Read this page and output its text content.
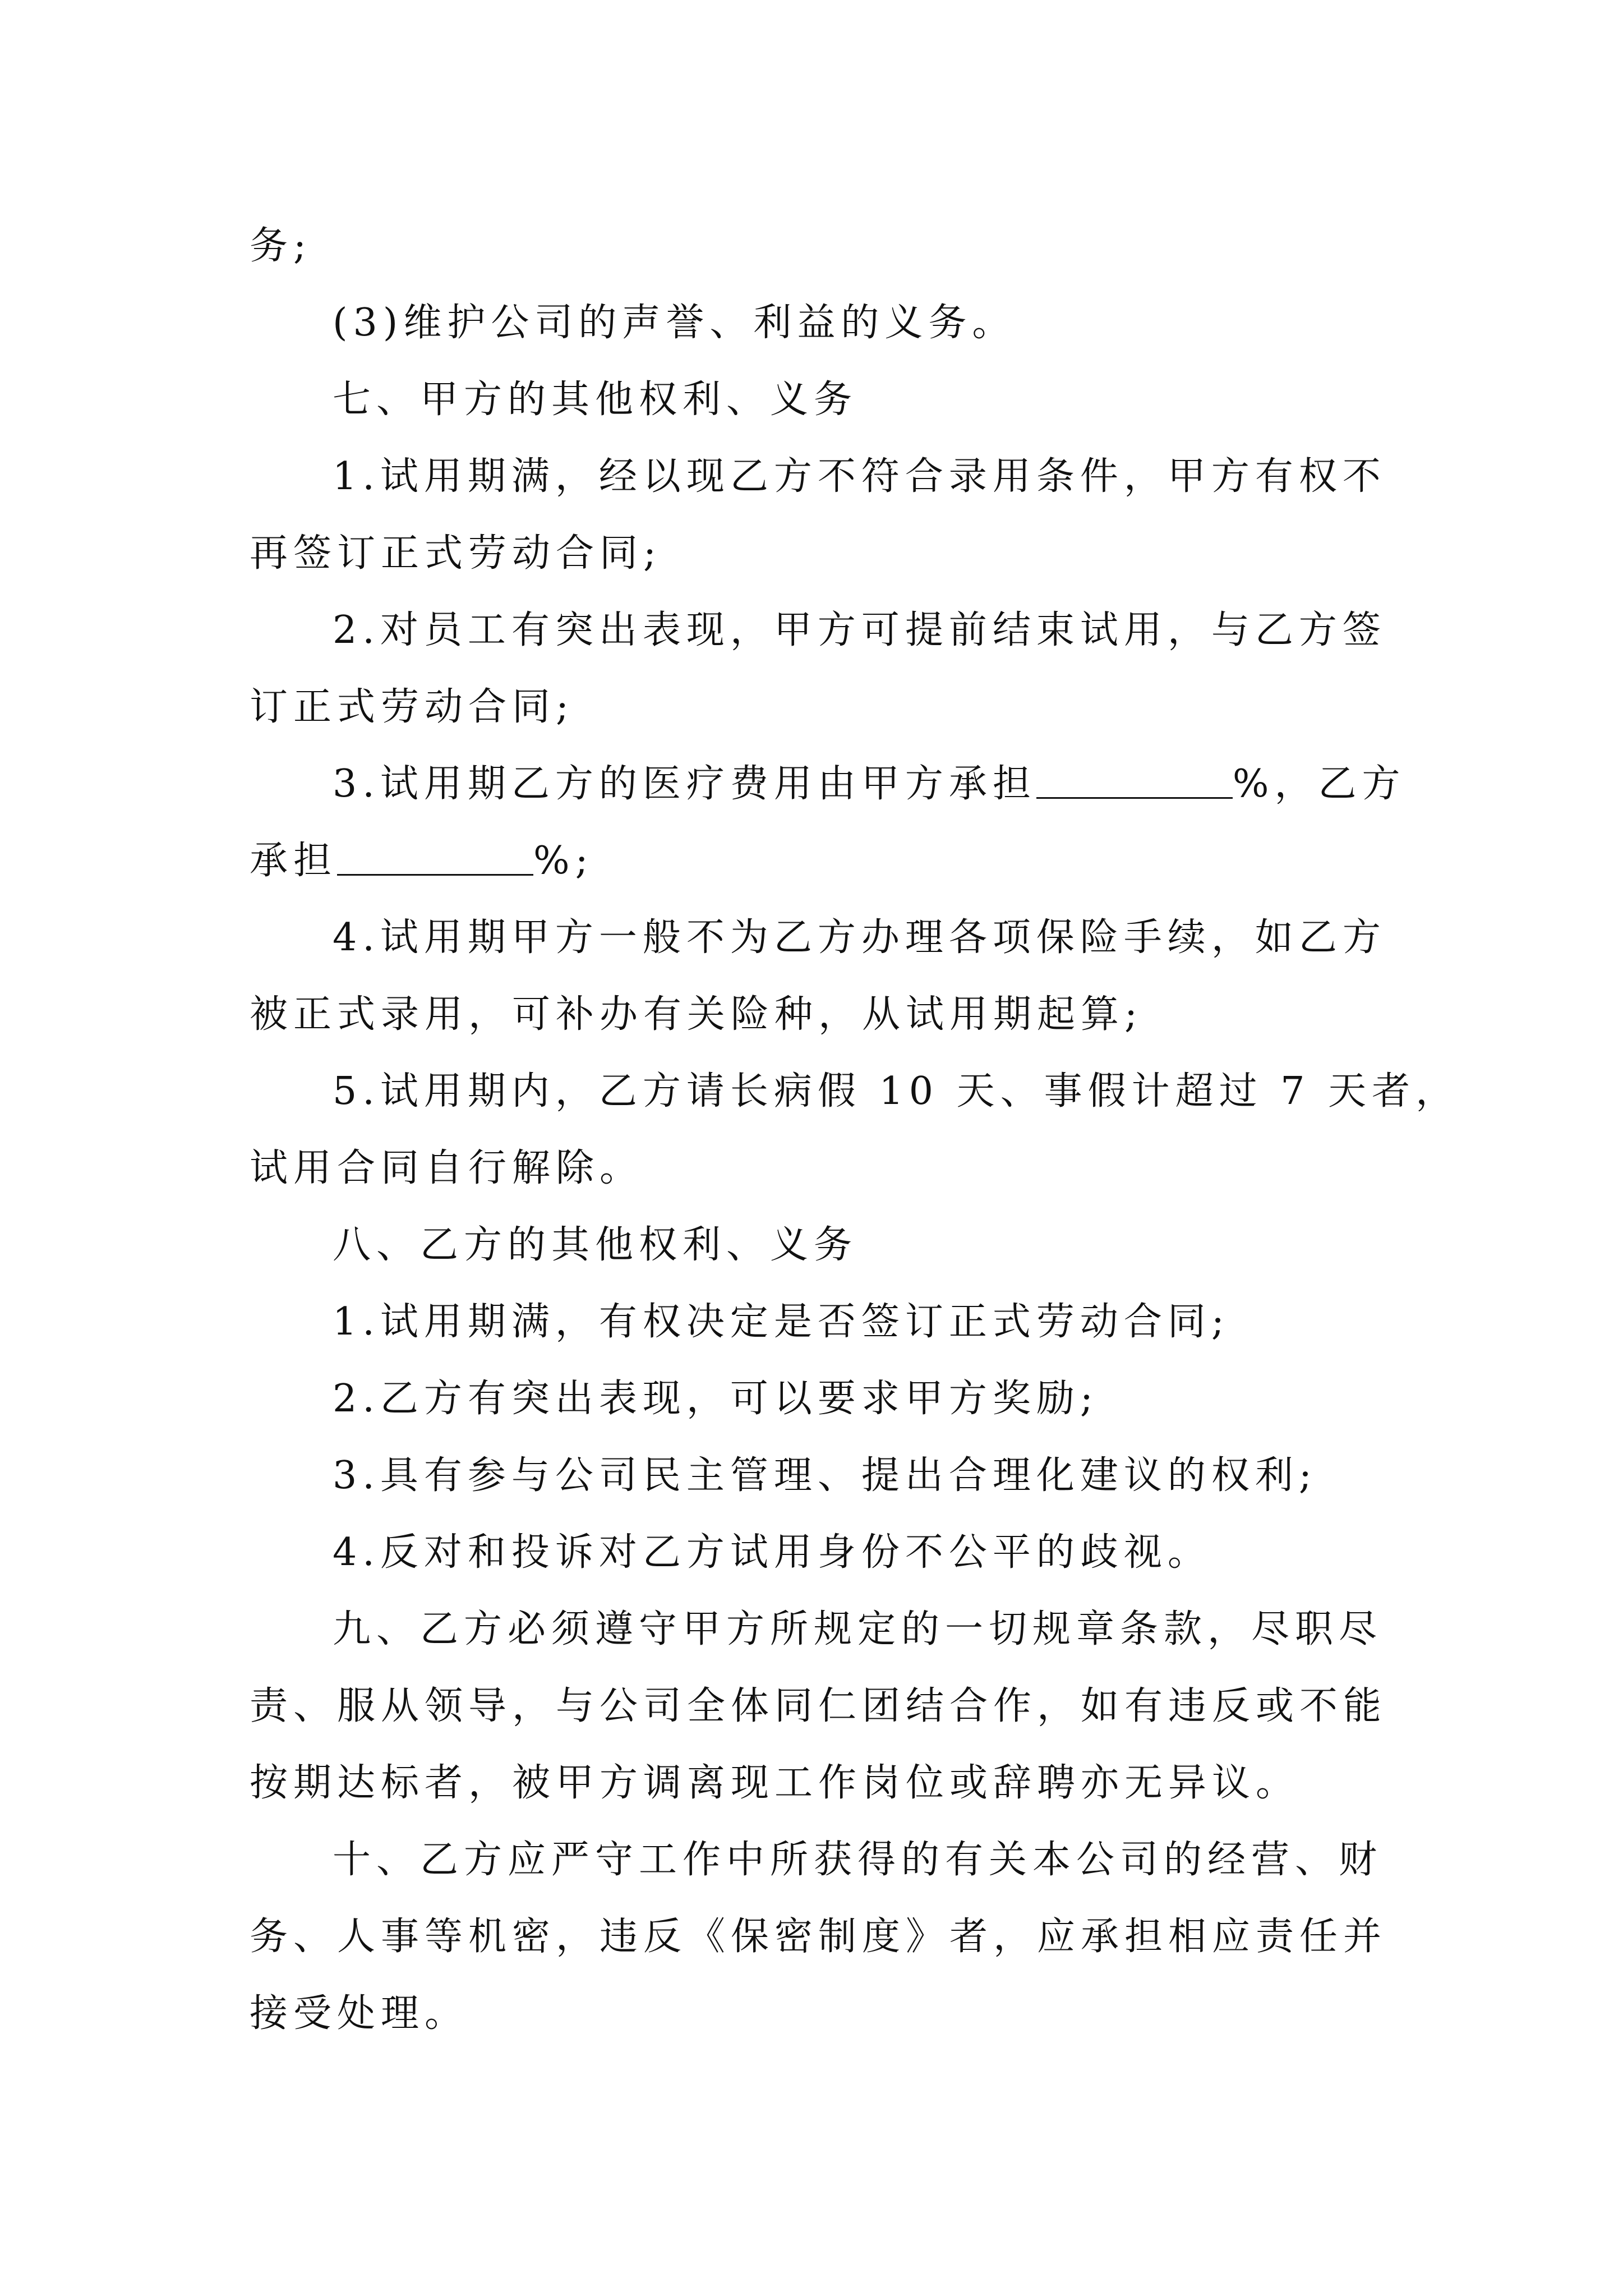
务;
(3)维护公司的声誉、利益的义务。
七、甲方的其他权利、义务
1.试用期满，经以现乙方不符合录用条件，甲方有权不
再签订正式劳动合同;
2.对员工有突出表现，甲方可提前结束试用，与乙方签
订正式劳动合同;
3.试用期乙方的医疗费用由甲方承担	%，乙方
承担	%;
4.试用期甲方一般不为乙方办理各项保险手续，如乙方
被正式录用，可补办有关险种，从试用期起算;
5.试用期内，乙方请长病假 10 天、事假计超过 7 天者，
试用合同自行解除。
八、乙方的其他权利、义务
1.试用期满，有权决定是否签订正式劳动合同;
2.乙方有突出表现，可以要求甲方奖励;
3.具有参与公司民主管理、提出合理化建议的权利;
4.反对和投诉对乙方试用身份不公平的歧视。
九、乙方必须遵守甲方所规定的一切规章条款，尽职尽
责、服从领导，与公司全体同仁团结合作，如有违反或不能
按期达标者，被甲方调离现工作岗位或辞聘亦无异议。
十、乙方应严守工作中所获得的有关本公司的经营、财
务、人事等机密，违反《保密制度》者，应承担相应责任并
接受处理。
